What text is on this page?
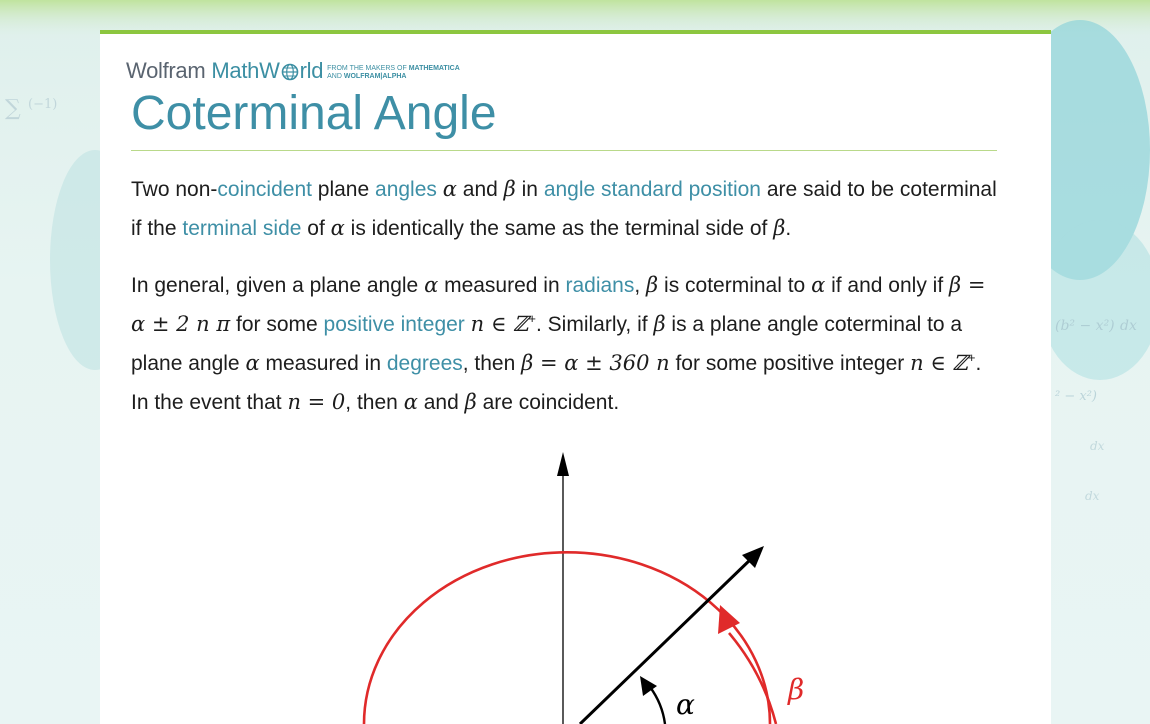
∑ (−1)
(b² − x²) dx
² − x²)
dx
dx
Wolfram MathW rld FROM THE MAKERS OF MATHEMATICA
AND WOLFRAM|ALPHA
Coterminal Angle

Two non-coincident plane angles α and β in angle standard position are said to be coterminal if the terminal side of α is identically the same as the terminal side of β.

In general, given a plane angle α measured in radians, β is coterminal to α if and only if β = α ± 2 n π for some positive integer n ∈ ℤ+. Similarly, if β is a plane angle coterminal to a plane angle α measured in degrees, then β = α ± 360 n for some positive integer n ∈ ℤ+. In the event that n = 0, then α and β are coincident.

α	β
